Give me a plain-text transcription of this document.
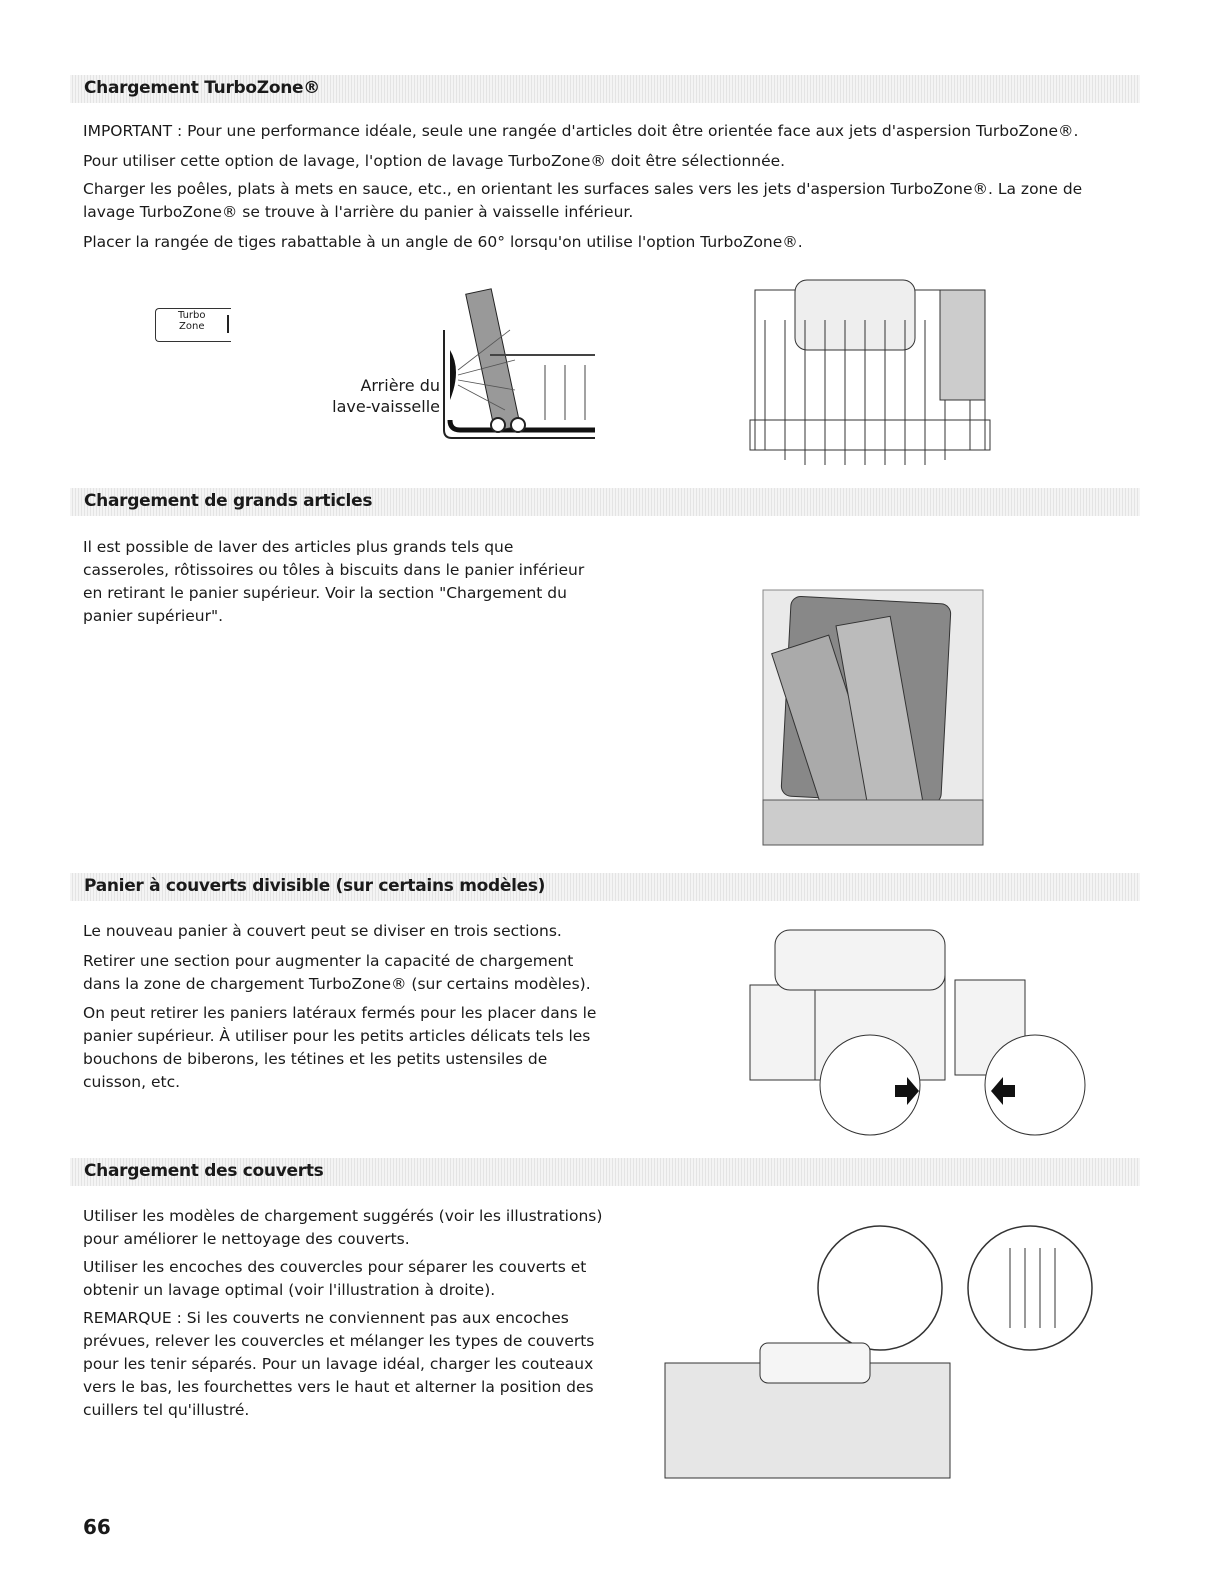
Chargement TurboZone®

IMPORTANT : Pour une performance idéale, seule une rangée d'articles doit être orientée face aux jets d'aspersion TurboZone®.

Pour utiliser cette option de lavage, l'option de lavage TurboZone® doit être sélectionnée.

Charger les poêles, plats à mets en sauce, etc., en orientant les surfaces sales vers les jets d'aspersion TurboZone®. La zone de lavage TurboZone® se trouve à l'arrière du panier à vaisselle inférieur.

Placer la rangée de tiges rabattable à un angle de 60° lorsqu'on utilise l'option TurboZone®.

Turbo
Zone
Arrière du
lave-vaisselle
Chargement de grands articles

Il est possible de laver des articles plus grands tels que casseroles, rôtissoires ou tôles à biscuits dans le panier inférieur en retirant le panier supérieur. Voir la section "Chargement du panier supérieur".

Panier à couverts divisible (sur certains modèles)

Le nouveau panier à couvert peut se diviser en trois sections.

Retirer une section pour augmenter la capacité de chargement dans la zone de chargement TurboZone® (sur certains modèles).

On peut retirer les paniers latéraux fermés pour les placer dans le panier supérieur. À utiliser pour les petits articles délicats tels les bouchons de biberons, les tétines et les petits ustensiles de cuisson, etc.

Chargement des couverts

Utiliser les modèles de chargement suggérés (voir les illustrations) pour améliorer le nettoyage des couverts.

Utiliser les encoches des couvercles pour séparer les couverts et obtenir un lavage optimal (voir l'illustration à droite).

REMARQUE : Si les couverts ne conviennent pas aux encoches prévues, relever les couvercles et mélanger les types de couverts pour les tenir séparés. Pour un lavage idéal, charger les couteaux vers le bas, les fourchettes vers le haut et alterner la position des cuillers tel qu'illustré.

66
